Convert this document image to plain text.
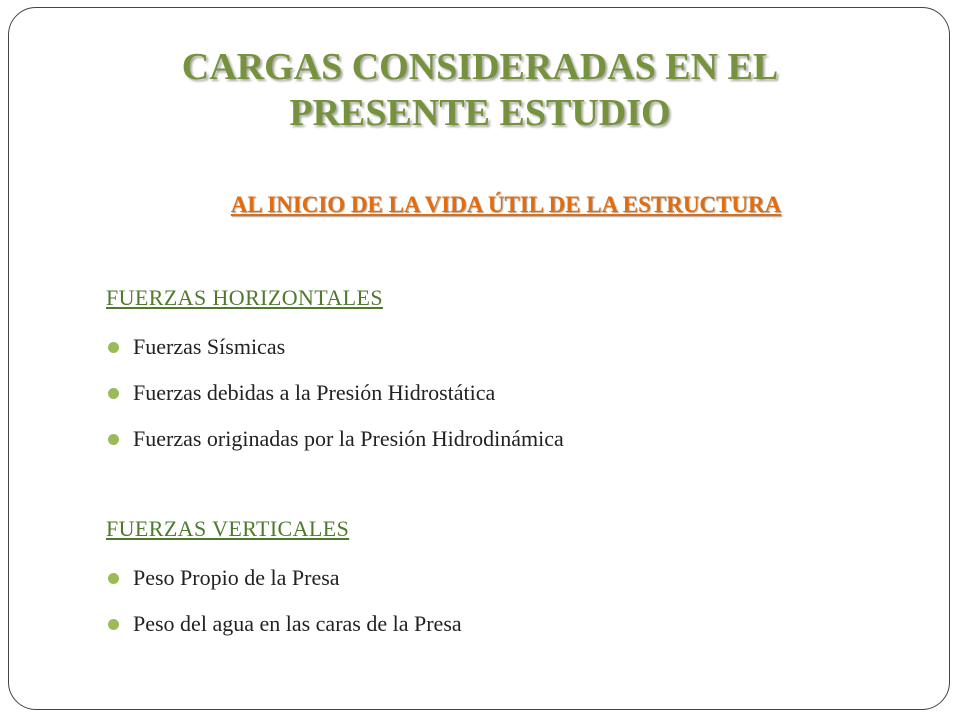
CARGAS CONSIDERADAS EN EL
PRESENTE ESTUDIO
AL INICIO DE LA VIDA ÚTIL DE LA ESTRUCTURA
FUERZAS HORIZONTALES
Fuerzas Sísmicas
Fuerzas debidas a la Presión Hidrostática
Fuerzas originadas por la Presión Hidrodinámica
FUERZAS VERTICALES
Peso Propio de la Presa
Peso del agua en las caras de la Presa
